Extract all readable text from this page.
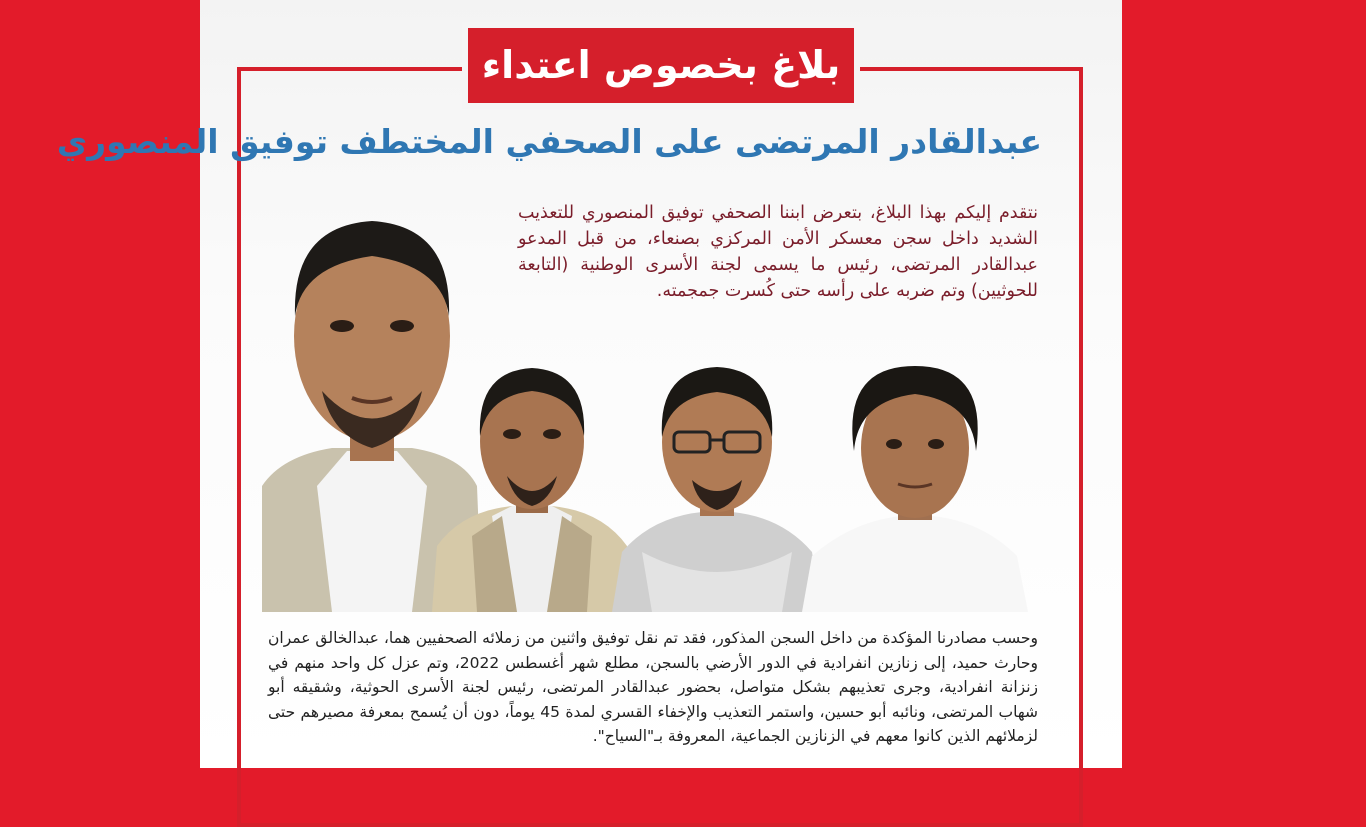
بلاغ بخصوص اعتداء
عبدالقادر المرتضى على الصحفي المختطف توفيق المنصوري
نتقدم إليكم بهذا البلاغ، بتعرض ابننا الصحفي توفيق المنصوري للتعذيب الشديد داخل سجن معسكر الأمن المركزي بصنعاء، من قبل المدعو عبدالقادر المرتضى، رئيس ما يسمى لجنة الأسرى الوطنية (التابعة للحوثيين) وتم ضربه على رأسه حتى كُسرت جمجمته.
وحسب مصادرنا المؤكدة من داخل السجن المذكور، فقد تم نقل توفيق واثنين من زملائه الصحفيين هما، عبدالخالق عمران وحارث حميد، إلى زنازين انفرادية في الدور الأرضي بالسجن، مطلع شهر أغسطس 2022، وتم عزل كل واحد منهم في زنزانة انفرادية، وجرى تعذيبهم بشكل متواصل، بحضور عبدالقادر المرتضى، رئيس لجنة الأسرى الحوثية، وشقيقه أبو شهاب المرتضى، ونائبه أبو حسين، واستمر التعذيب والإخفاء القسري لمدة 45 يوماً، دون أن يُسمح بمعرفة مصيرهم حتى لزملائهم الذين كانوا معهم في الزنازين الجماعية، المعروفة بـ"السياح".
